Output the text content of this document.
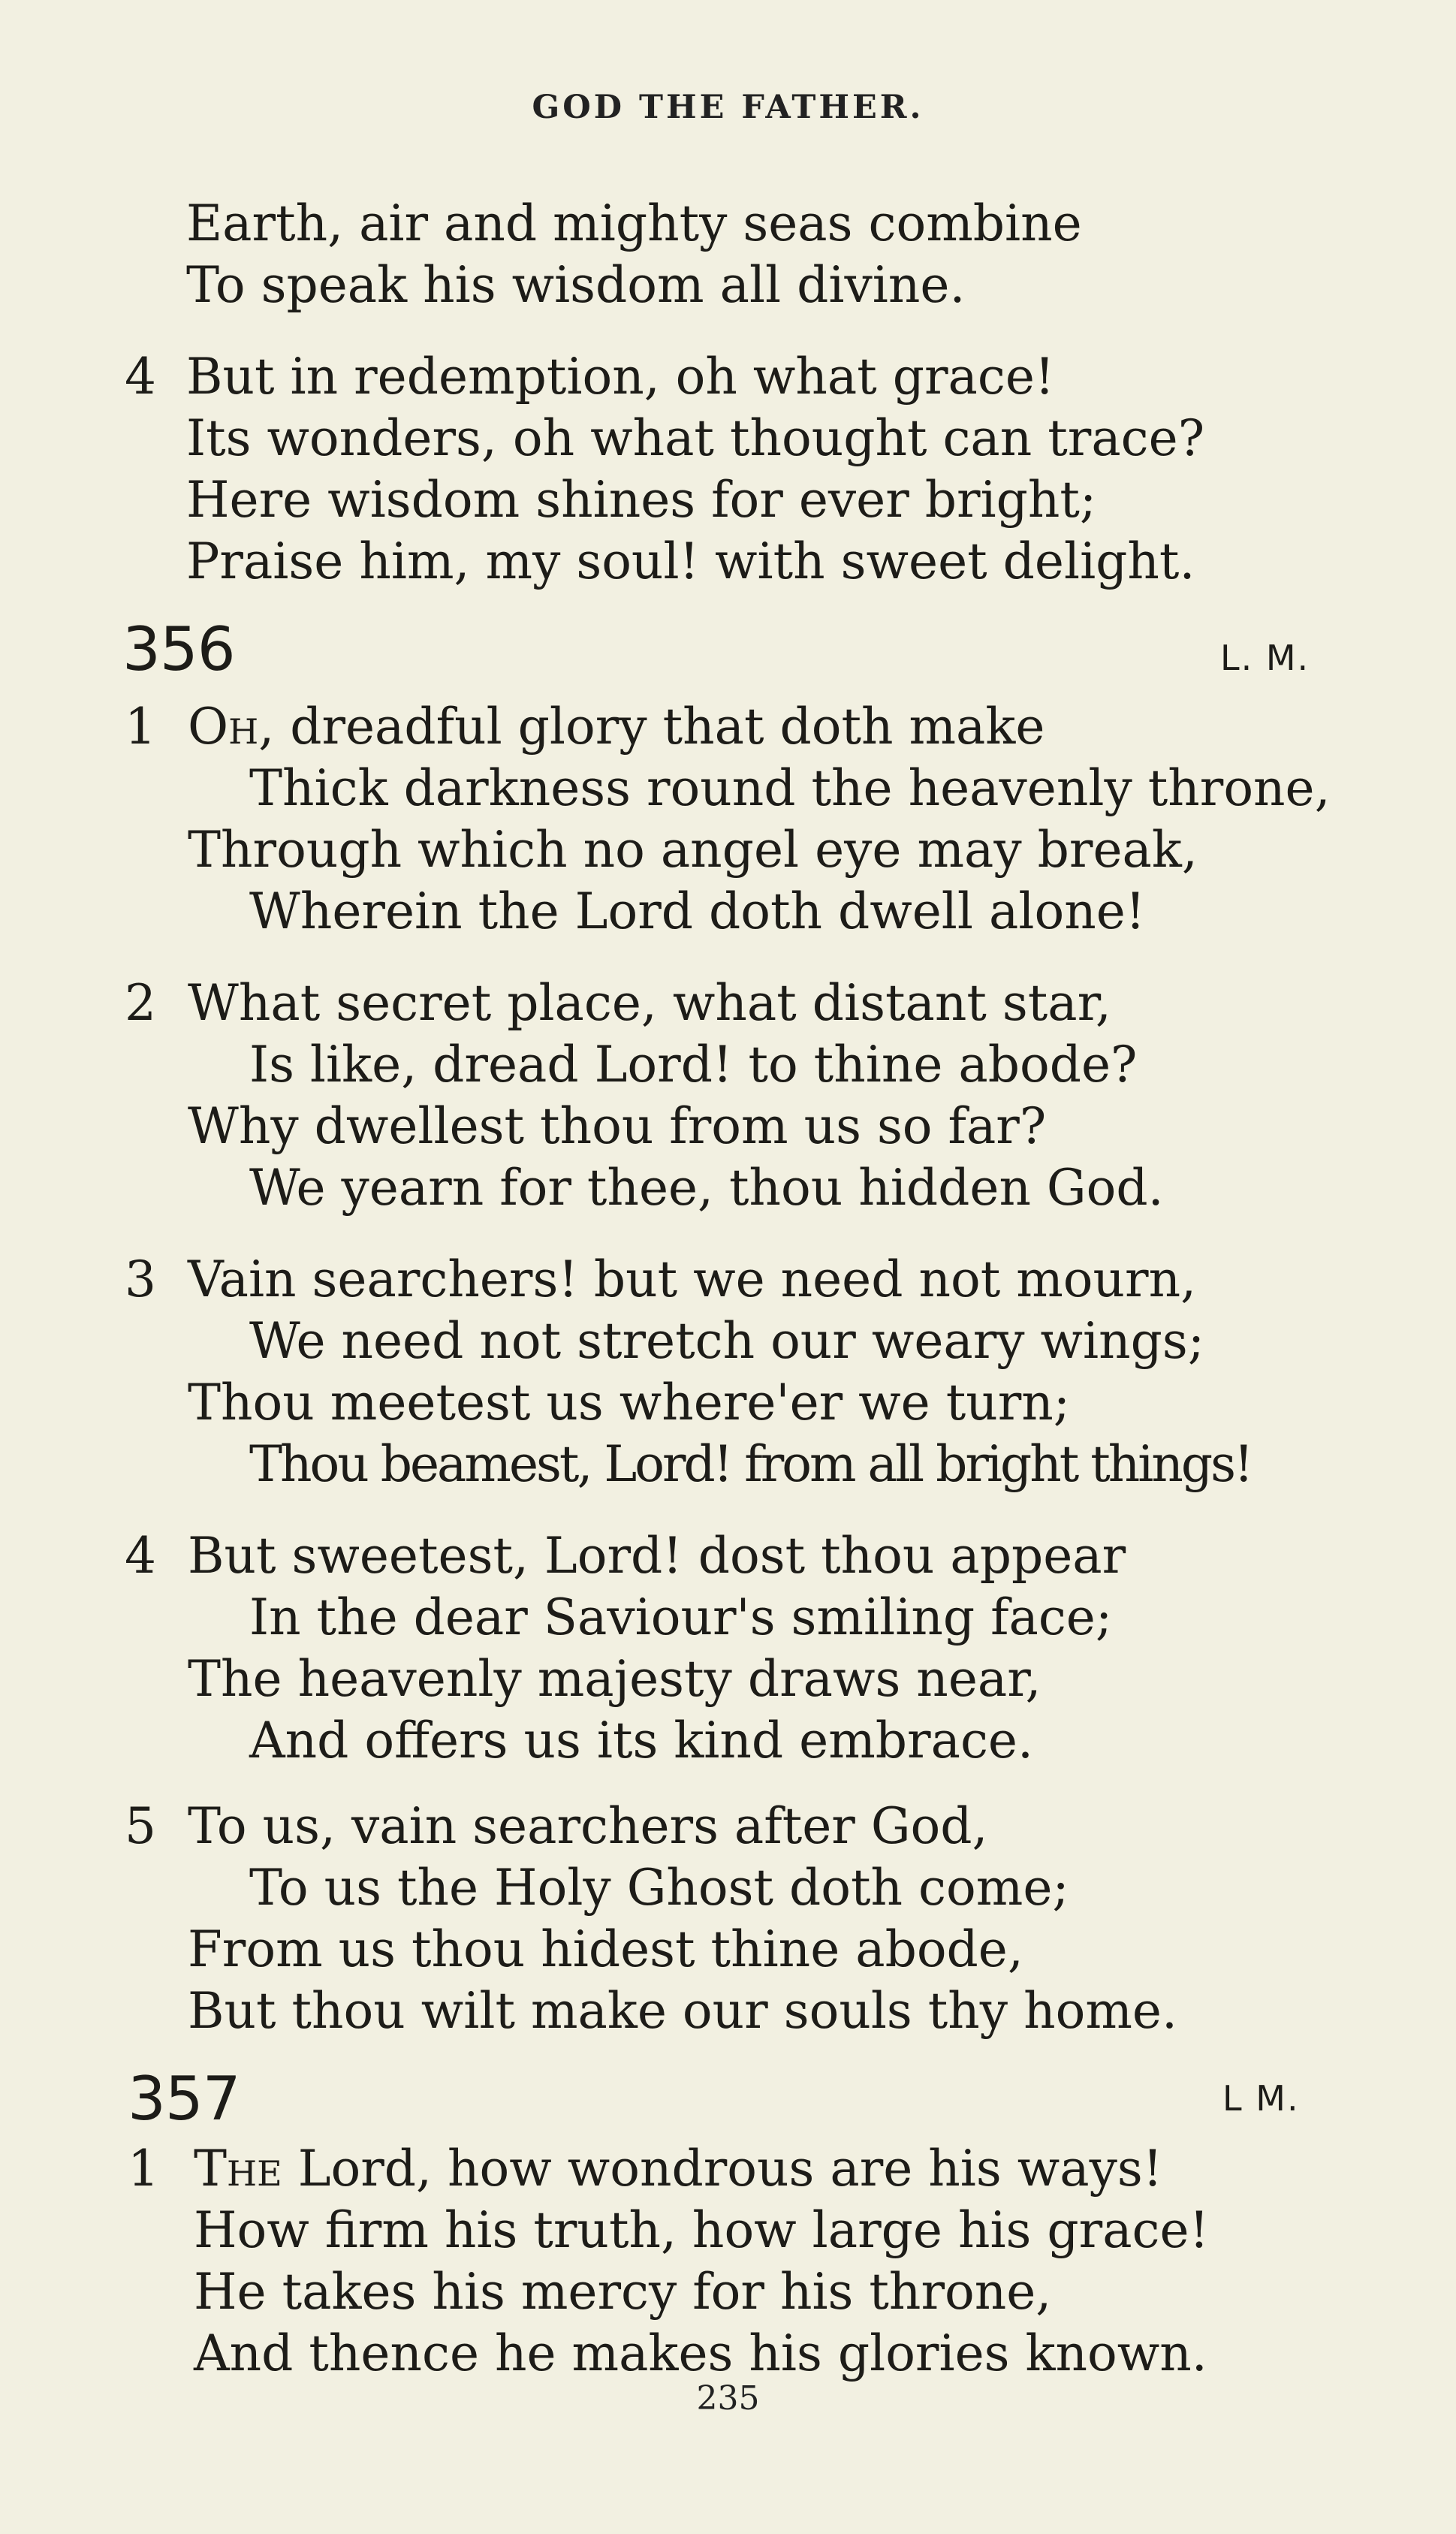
GOD THE FATHER.
Earth, air and mighty seas combine
To speak his wisdom all divine.
4 But in redemption, oh what grace!
Its wonders, oh what thought can trace?
Here wisdom shines for ever bright;
Praise him, my soul! with sweet delight.
356	L. M.
1 Oh, dreadful glory that doth make
Thick darkness round the heavenly throne,
Through which no angel eye may break,
Wherein the Lord doth dwell alone!
2 What secret place, what distant star,
Is like, dread Lord! to thine abode?
Why dwellest thou from us so far?
We yearn for thee, thou hidden God.
3 Vain searchers! but we need not mourn,
We need not stretch our weary wings;
Thou meetest us where'er we turn;
Thou beamest, Lord! from all bright things!
4 But sweetest, Lord! dost thou appear
In the dear Saviour's smiling face;
The heavenly majesty draws near,
And offers us its kind embrace.
5 To us, vain searchers after God,
To us the Holy Ghost doth come;
From us thou hidest thine abode,
But thou wilt make our souls thy home.
357	L M.
1 The Lord, how wondrous are his ways!
How firm his truth, how large his grace!
He takes his mercy for his throne,
And thence he makes his glories known.
235
